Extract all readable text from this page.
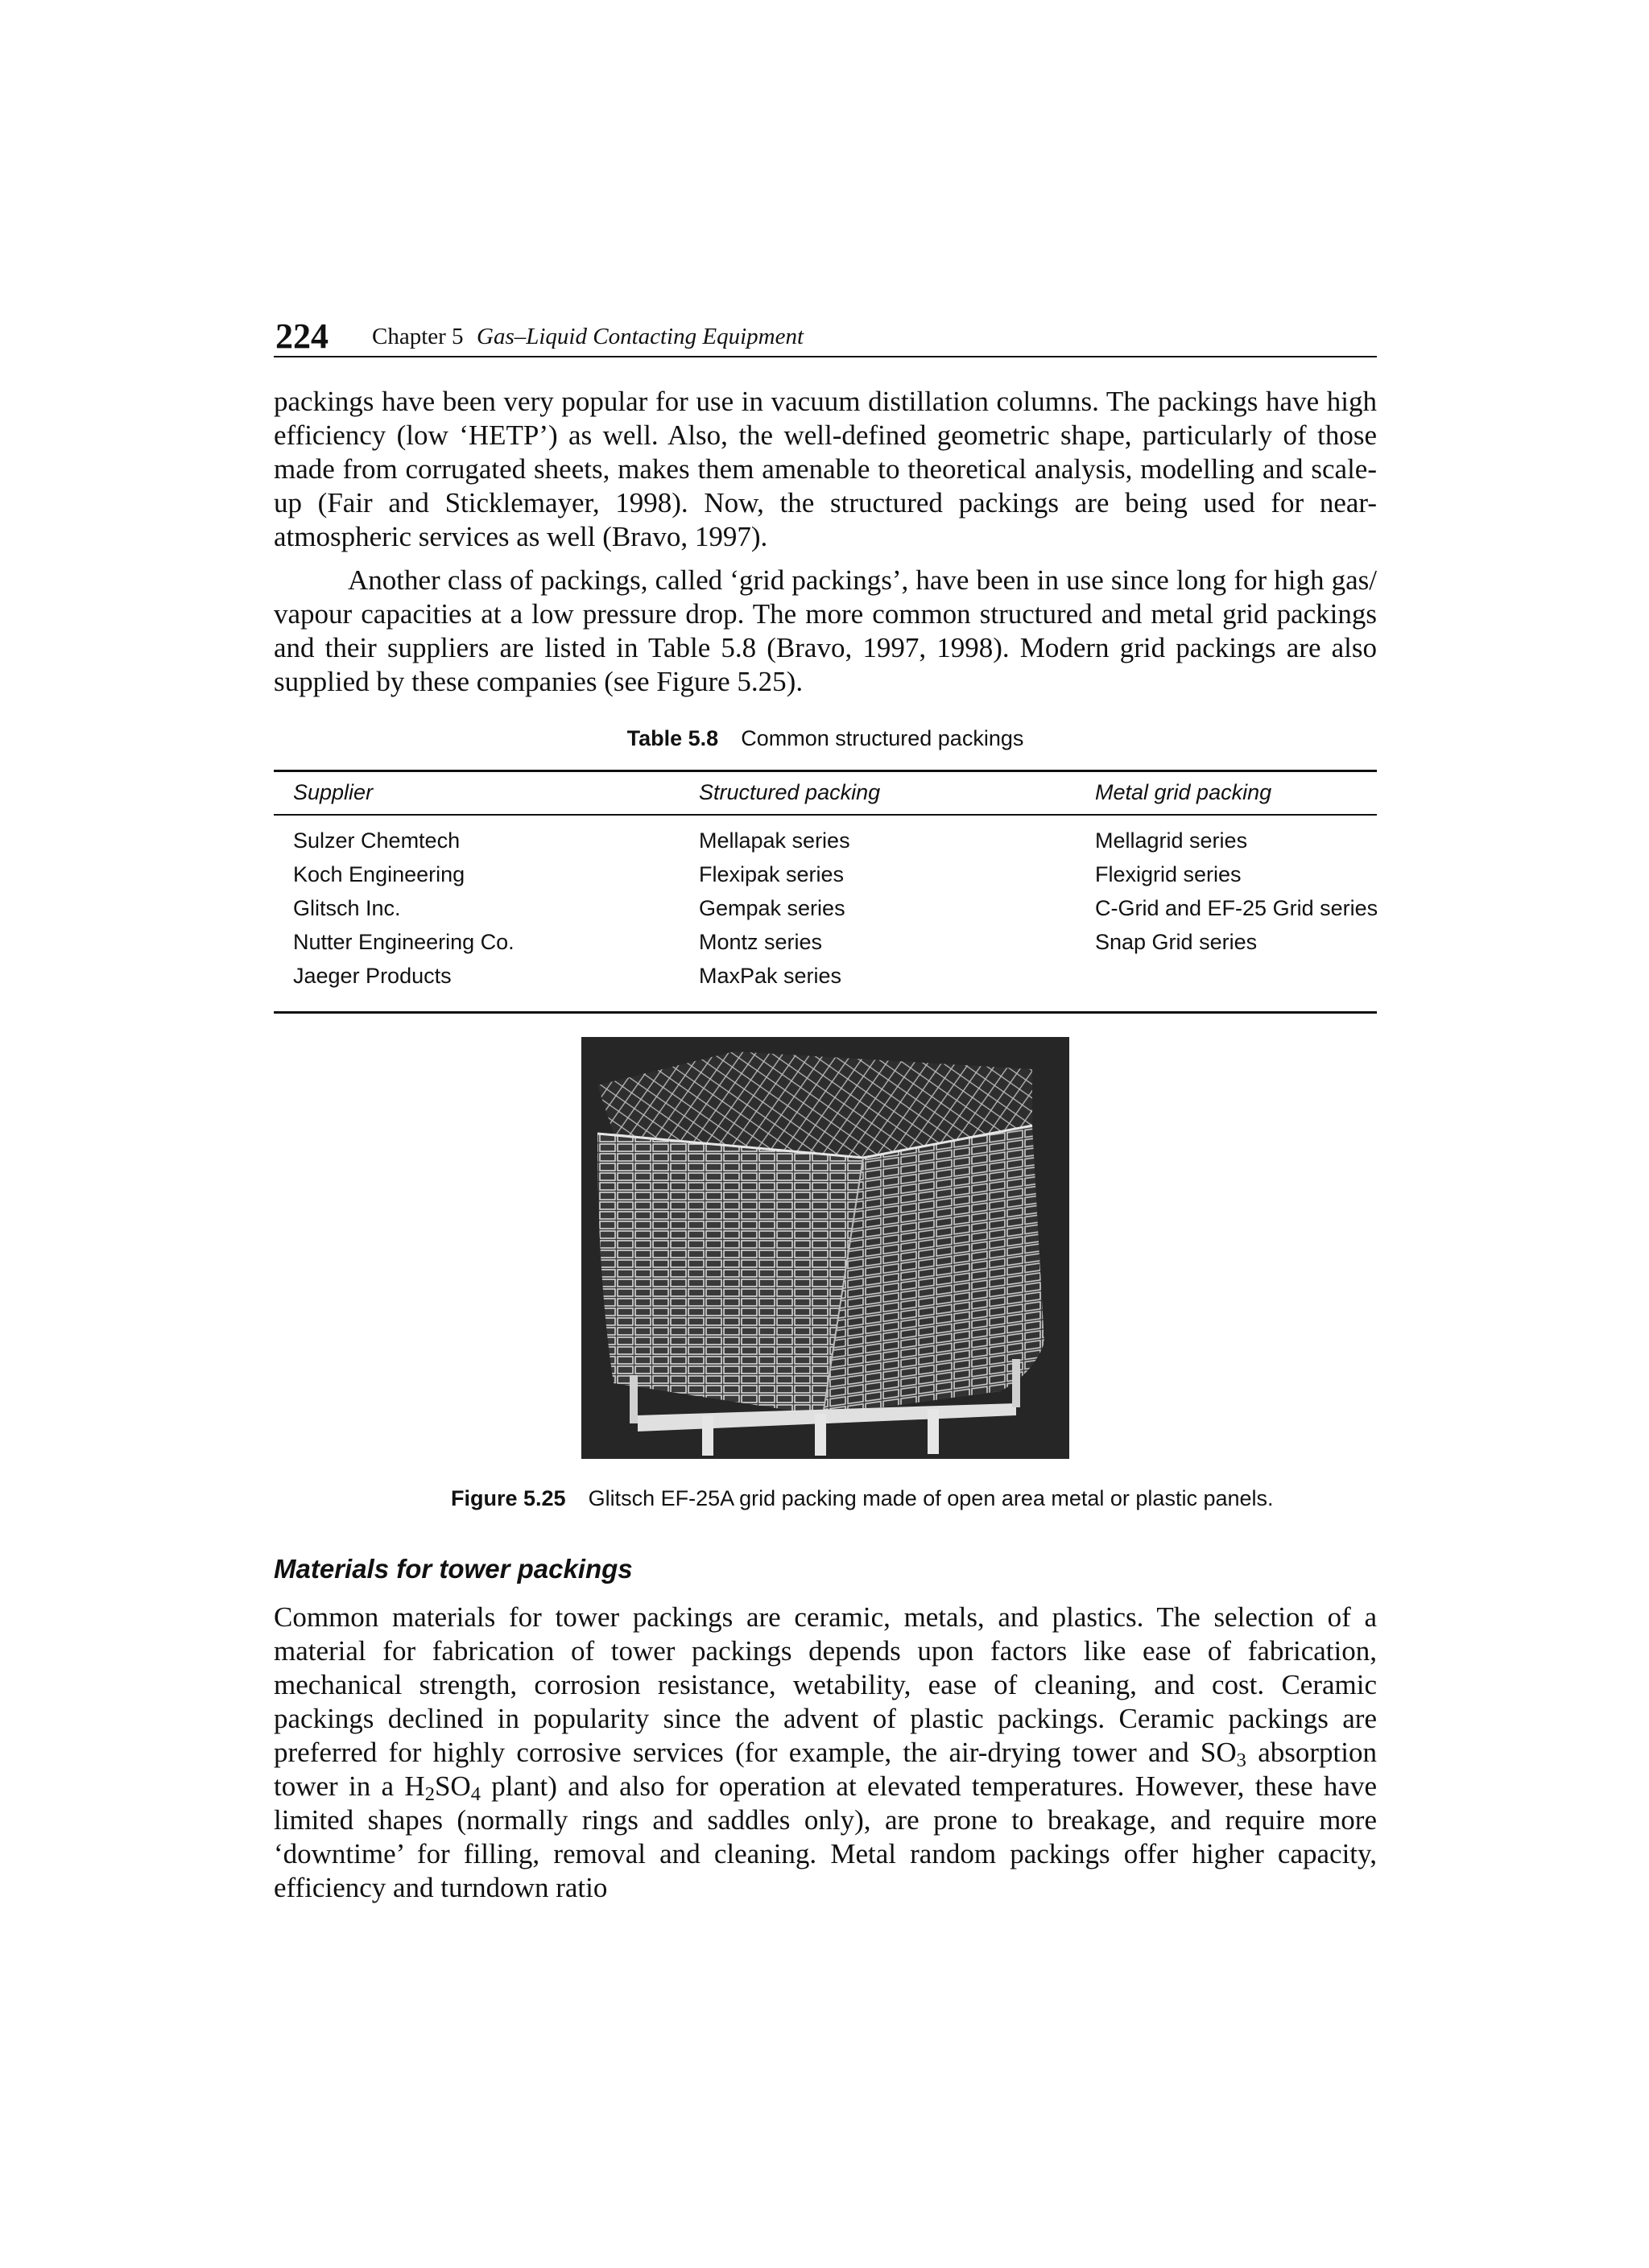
224 Chapter 5 Gas–Liquid Contacting Equipment

packings have been very popular for use in vacuum distillation columns. The packings have high efficiency (low ‘HETP’) as well. Also, the well-defined geometric shape, particularly of those made from corrugated sheets, makes them amenable to theoretical analysis, modelling and scale-up (Fair and Sticklemayer, 1998). Now, the structured packings are being used for near-atmospheric services as well (Bravo, 1997).

Another class of packings, called ‘grid packings’, have been in use since long for high gas/ vapour capacities at a low pressure drop. The more common structured and metal grid packings and their suppliers are listed in Table 5.8 (Bravo, 1997, 1998). Modern grid packings are also supplied by these companies (see Figure 5.25).

Table 5.8 Common structured packings
Supplier	Structured packing	Metal grid packing
Sulzer Chemtech	Mellapak series	Mellagrid series
Koch Engineering	Flexipak series	Flexigrid series
Glitsch Inc.	Gempak series	C-Grid and EF-25 Grid series
Nutter Engineering Co.	Montz series	Snap Grid series
Jaeger Products	MaxPak series
Figure 5.25 Glitsch EF-25A grid packing made of open area metal or plastic panels.
Materials for tower packings

Common materials for tower packings are ceramic, metals, and plastics. The selection of a material for fabrication of tower packings depends upon factors like ease of fabrication, mechanical strength, corrosion resistance, wetability, ease of cleaning, and cost. Ceramic packings declined in popularity since the advent of plastic packings. Ceramic packings are preferred for highly corrosive services (for example, the air-drying tower and $SO_3$ absorption tower in a $H_2SO_4$ plant) and also for operation at elevated temperatures. However, these have limited shapes (normally rings and saddles only), are prone to breakage, and require more ‘downtime’ for filling, removal and cleaning. Metal random packings offer higher capacity, efficiency and turndown ratio
